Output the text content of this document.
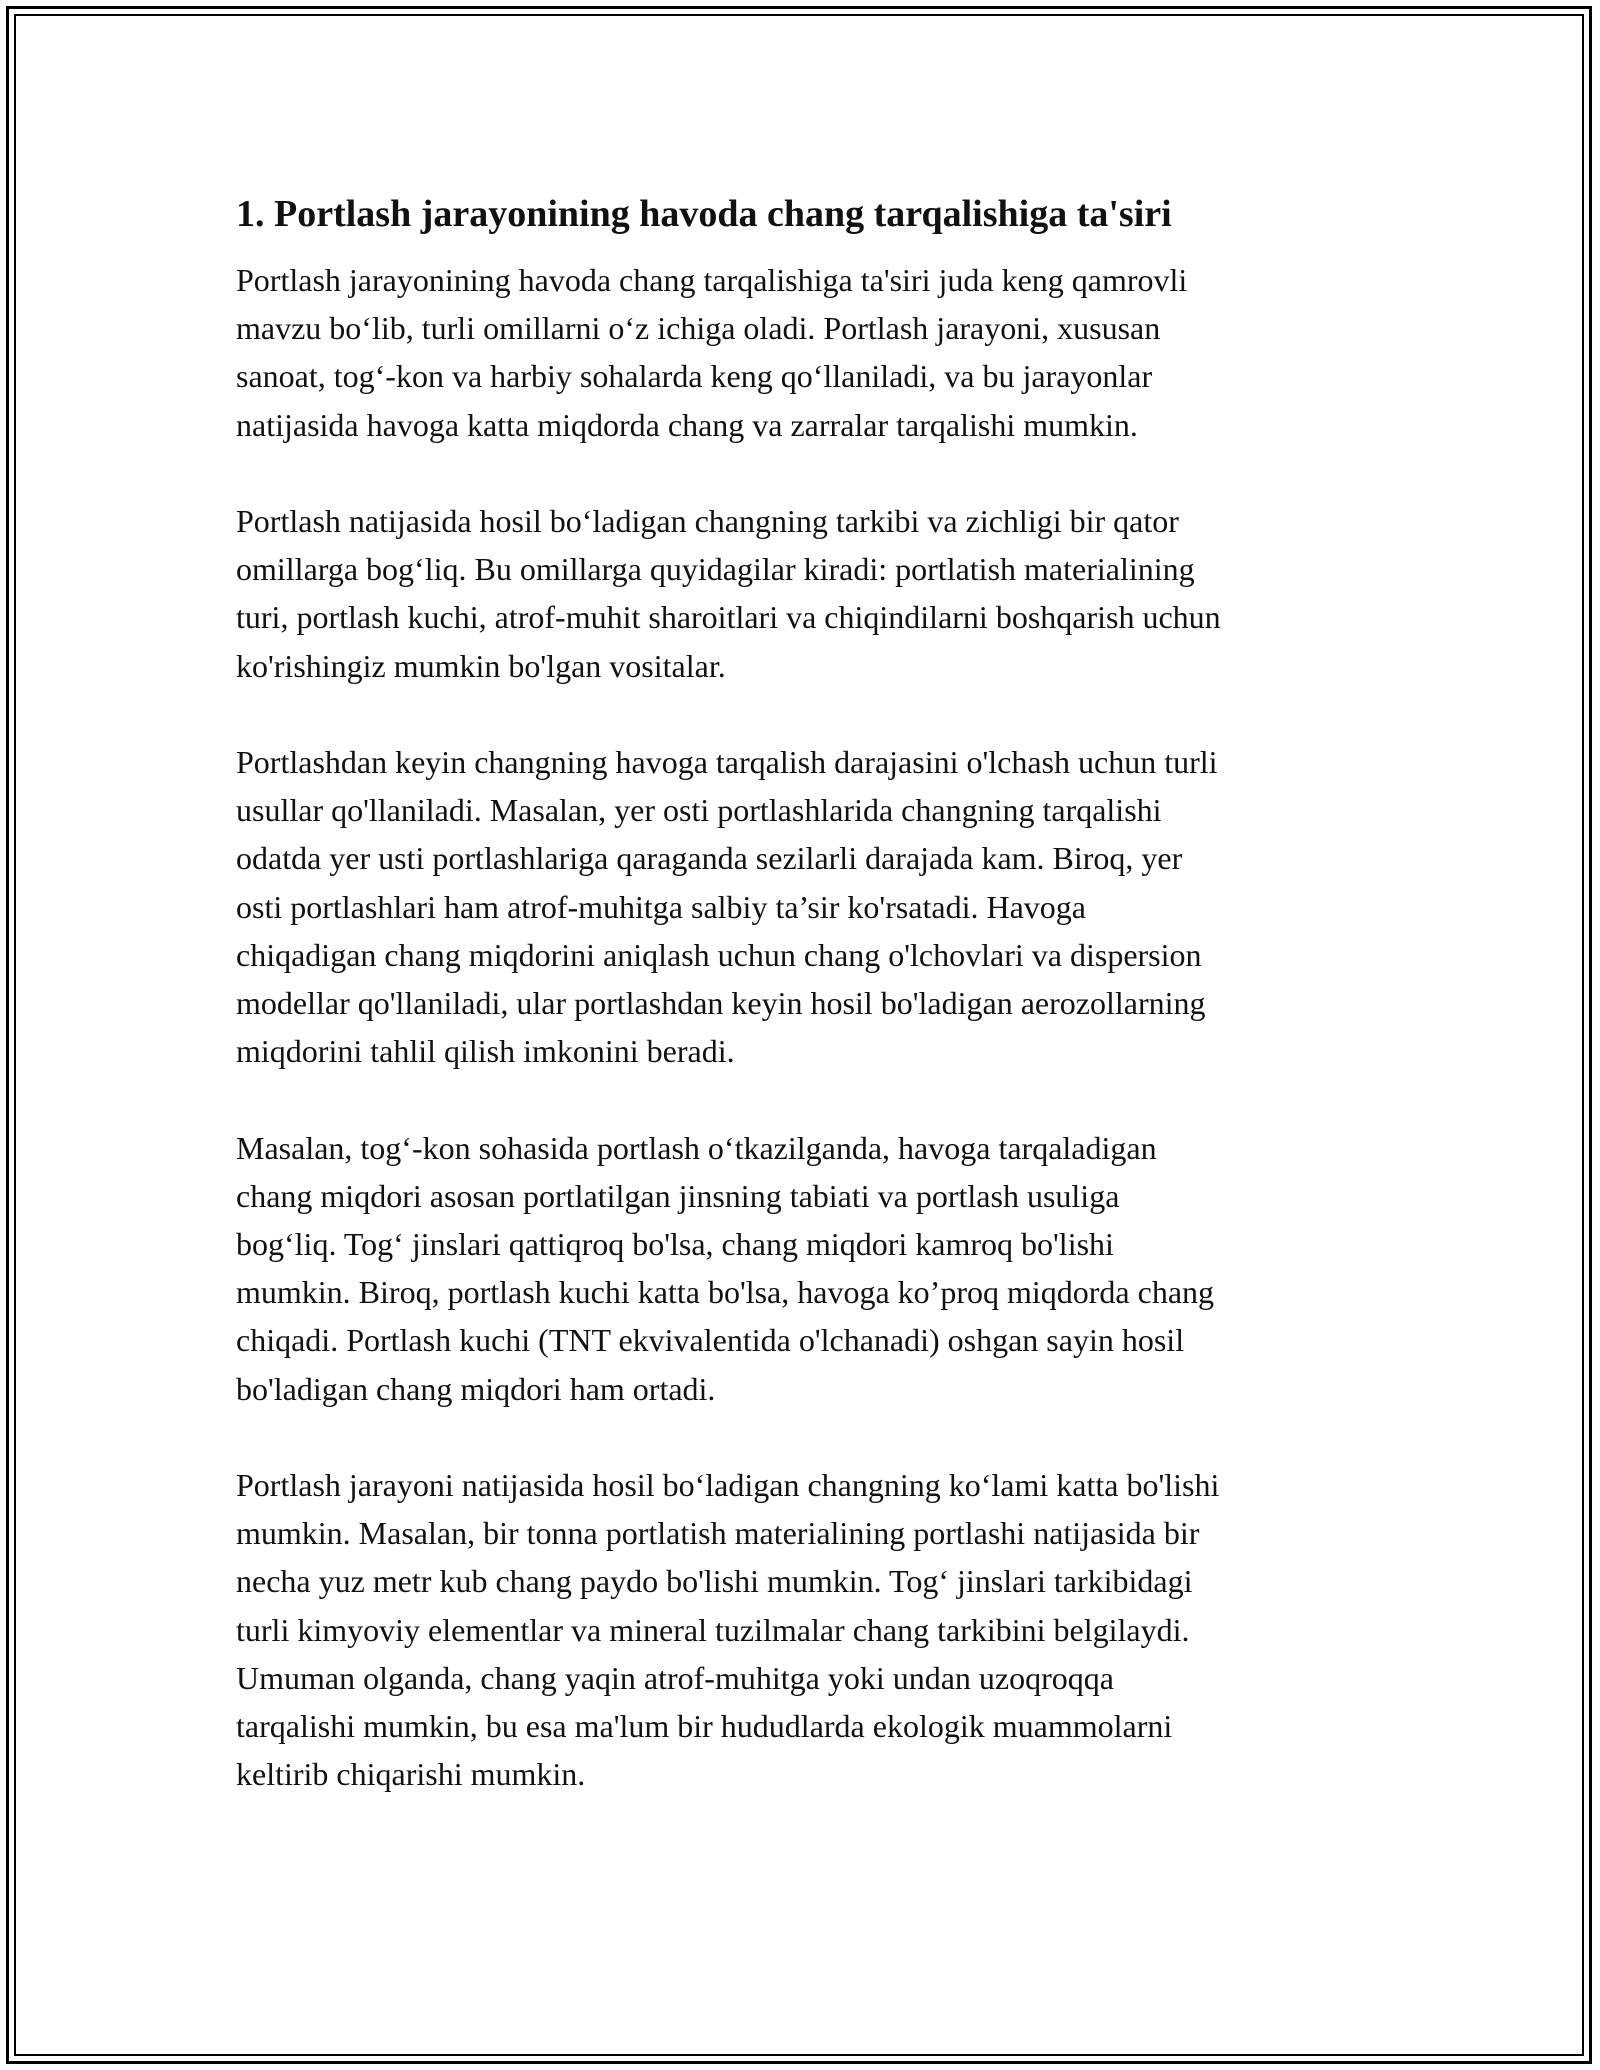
1. Portlash jarayonining havoda chang tarqalishiga ta'siri
Portlash jarayonining havoda chang tarqalishiga ta'siri juda keng qamrovli
mavzu bo‘lib, turli omillarni o‘z ichiga oladi. Portlash jarayoni, xususan
sanoat, tog‘-kon va harbiy sohalarda keng qo‘llaniladi, va bu jarayonlar
natijasida havoga katta miqdorda chang va zarralar tarqalishi mumkin.
Portlash natijasida hosil bo‘ladigan changning tarkibi va zichligi bir qator
omillarga bog‘liq. Bu omillarga quyidagilar kiradi: portlatish materialining
turi, portlash kuchi, atrof-muhit sharoitlari va chiqindilarni boshqarish uchun
ko'rishingiz mumkin bo'lgan vositalar.
Portlashdan keyin changning havoga tarqalish darajasini o'lchash uchun turli
usullar qo'llaniladi. Masalan, yer osti portlashlarida changning tarqalishi
odatda yer usti portlashlariga qaraganda sezilarli darajada kam. Biroq, yer
osti portlashlari ham atrof-muhitga salbiy ta’sir ko'rsatadi. Havoga
chiqadigan chang miqdorini aniqlash uchun chang o'lchovlari va dispersion
modellar qo'llaniladi, ular portlashdan keyin hosil bo'ladigan aerozollarning
miqdorini tahlil qilish imkonini beradi.
Masalan, tog‘-kon sohasida portlash o‘tkazilganda, havoga tarqaladigan
chang miqdori asosan portlatilgan jinsning tabiati va portlash usuliga
bog‘liq. Tog‘ jinslari qattiqroq bo'lsa, chang miqdori kamroq bo'lishi
mumkin. Biroq, portlash kuchi katta bo'lsa, havoga ko’proq miqdorda chang
chiqadi. Portlash kuchi (TNT ekvivalentida o'lchanadi) oshgan sayin hosil
bo'ladigan chang miqdori ham ortadi.
Portlash jarayoni natijasida hosil bo‘ladigan changning ko‘lami katta bo'lishi
mumkin. Masalan, bir tonna portlatish materialining portlashi natijasida bir
necha yuz metr kub chang paydo bo'lishi mumkin. Tog‘ jinslari tarkibidagi
turli kimyoviy elementlar va mineral tuzilmalar chang tarkibini belgilaydi.
Umuman olganda, chang yaqin atrof-muhitga yoki undan uzoqroqqa
tarqalishi mumkin, bu esa ma'lum bir hududlarda ekologik muammolarni
keltirib chiqarishi mumkin.
